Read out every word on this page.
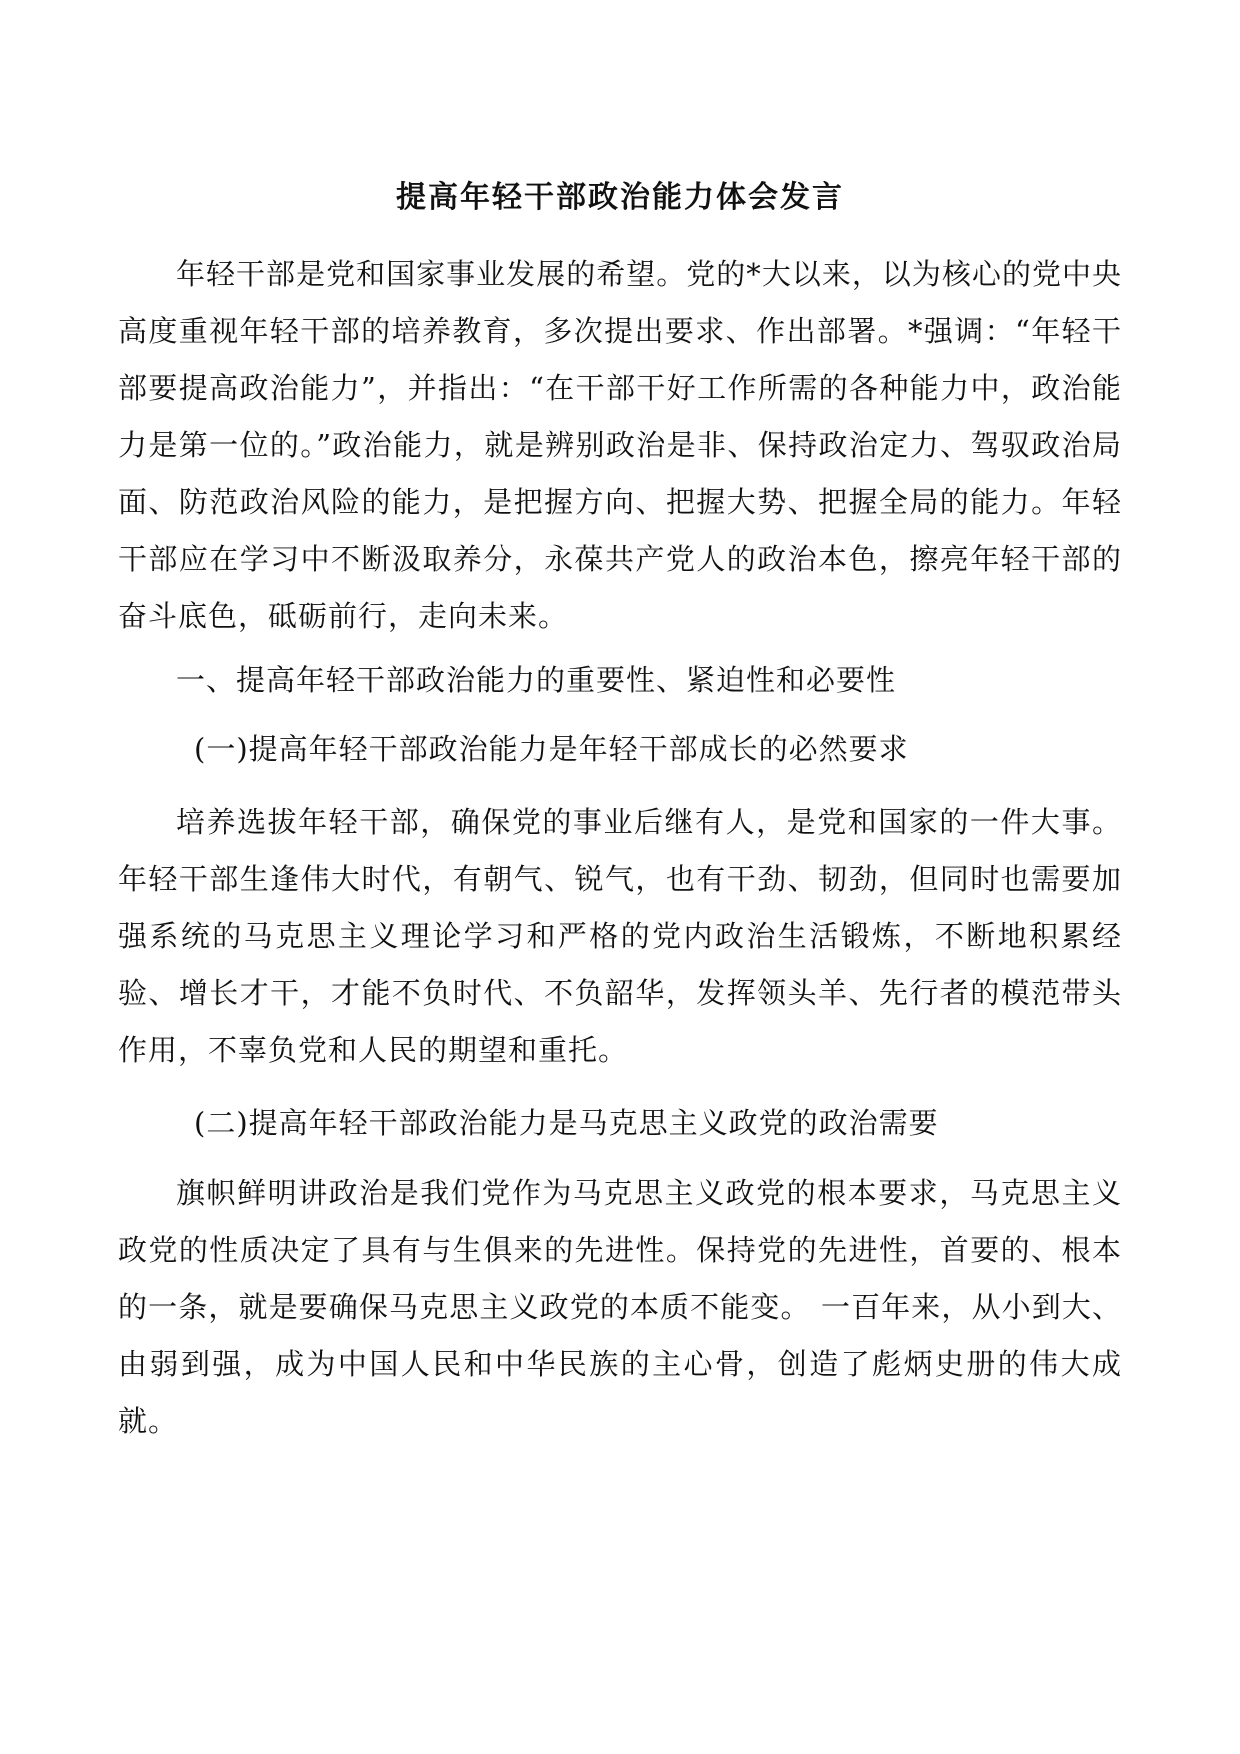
提高年轻干部政治能力体会发言

年轻干部是党和国家事业发展的希望。党的*大以来，以为核心的党中央高度重视年轻干部的培养教育，多次提出要求、作出部署。*强调：“年轻干部要提高政治能力”，并指出：“在干部干好工作所需的各种能力中，政治能力是第一位的。”政治能力，就是辨别政治是非、保持政治定力、驾驭政治局面、防范政治风险的能力，是把握方向、把握大势、把握全局的能力。年轻干部应在学习中不断汲取养分，永葆共产党人的政治本色，擦亮年轻干部的奋斗底色，砥砺前行，走向未来。

一、提高年轻干部政治能力的重要性、紧迫性和必要性

(一)提高年轻干部政治能力是年轻干部成长的必然要求

培养选拔年轻干部，确保党的事业后继有人，是党和国家的一件大事。年轻干部生逢伟大时代，有朝气、锐气，也有干劲、韧劲，但同时也需要加强系统的马克思主义理论学习和严格的党内政治生活锻炼，不断地积累经验、增长才干，才能不负时代、不负韶华，发挥领头羊、先行者的模范带头作用，不辜负党和人民的期望和重托。

(二)提高年轻干部政治能力是马克思主义政党的政治需要

旗帜鲜明讲政治是我们党作为马克思主义政党的根本要求，马克思主义政党的性质决定了具有与生俱来的先进性。保持党的先进性，首要的、根本的一条，就是要确保马克思主义政党的本质不能变。 一百年来，从小到大、由弱到强，成为中国人民和中华民族的主心骨，创造了彪炳史册的伟大成就。
